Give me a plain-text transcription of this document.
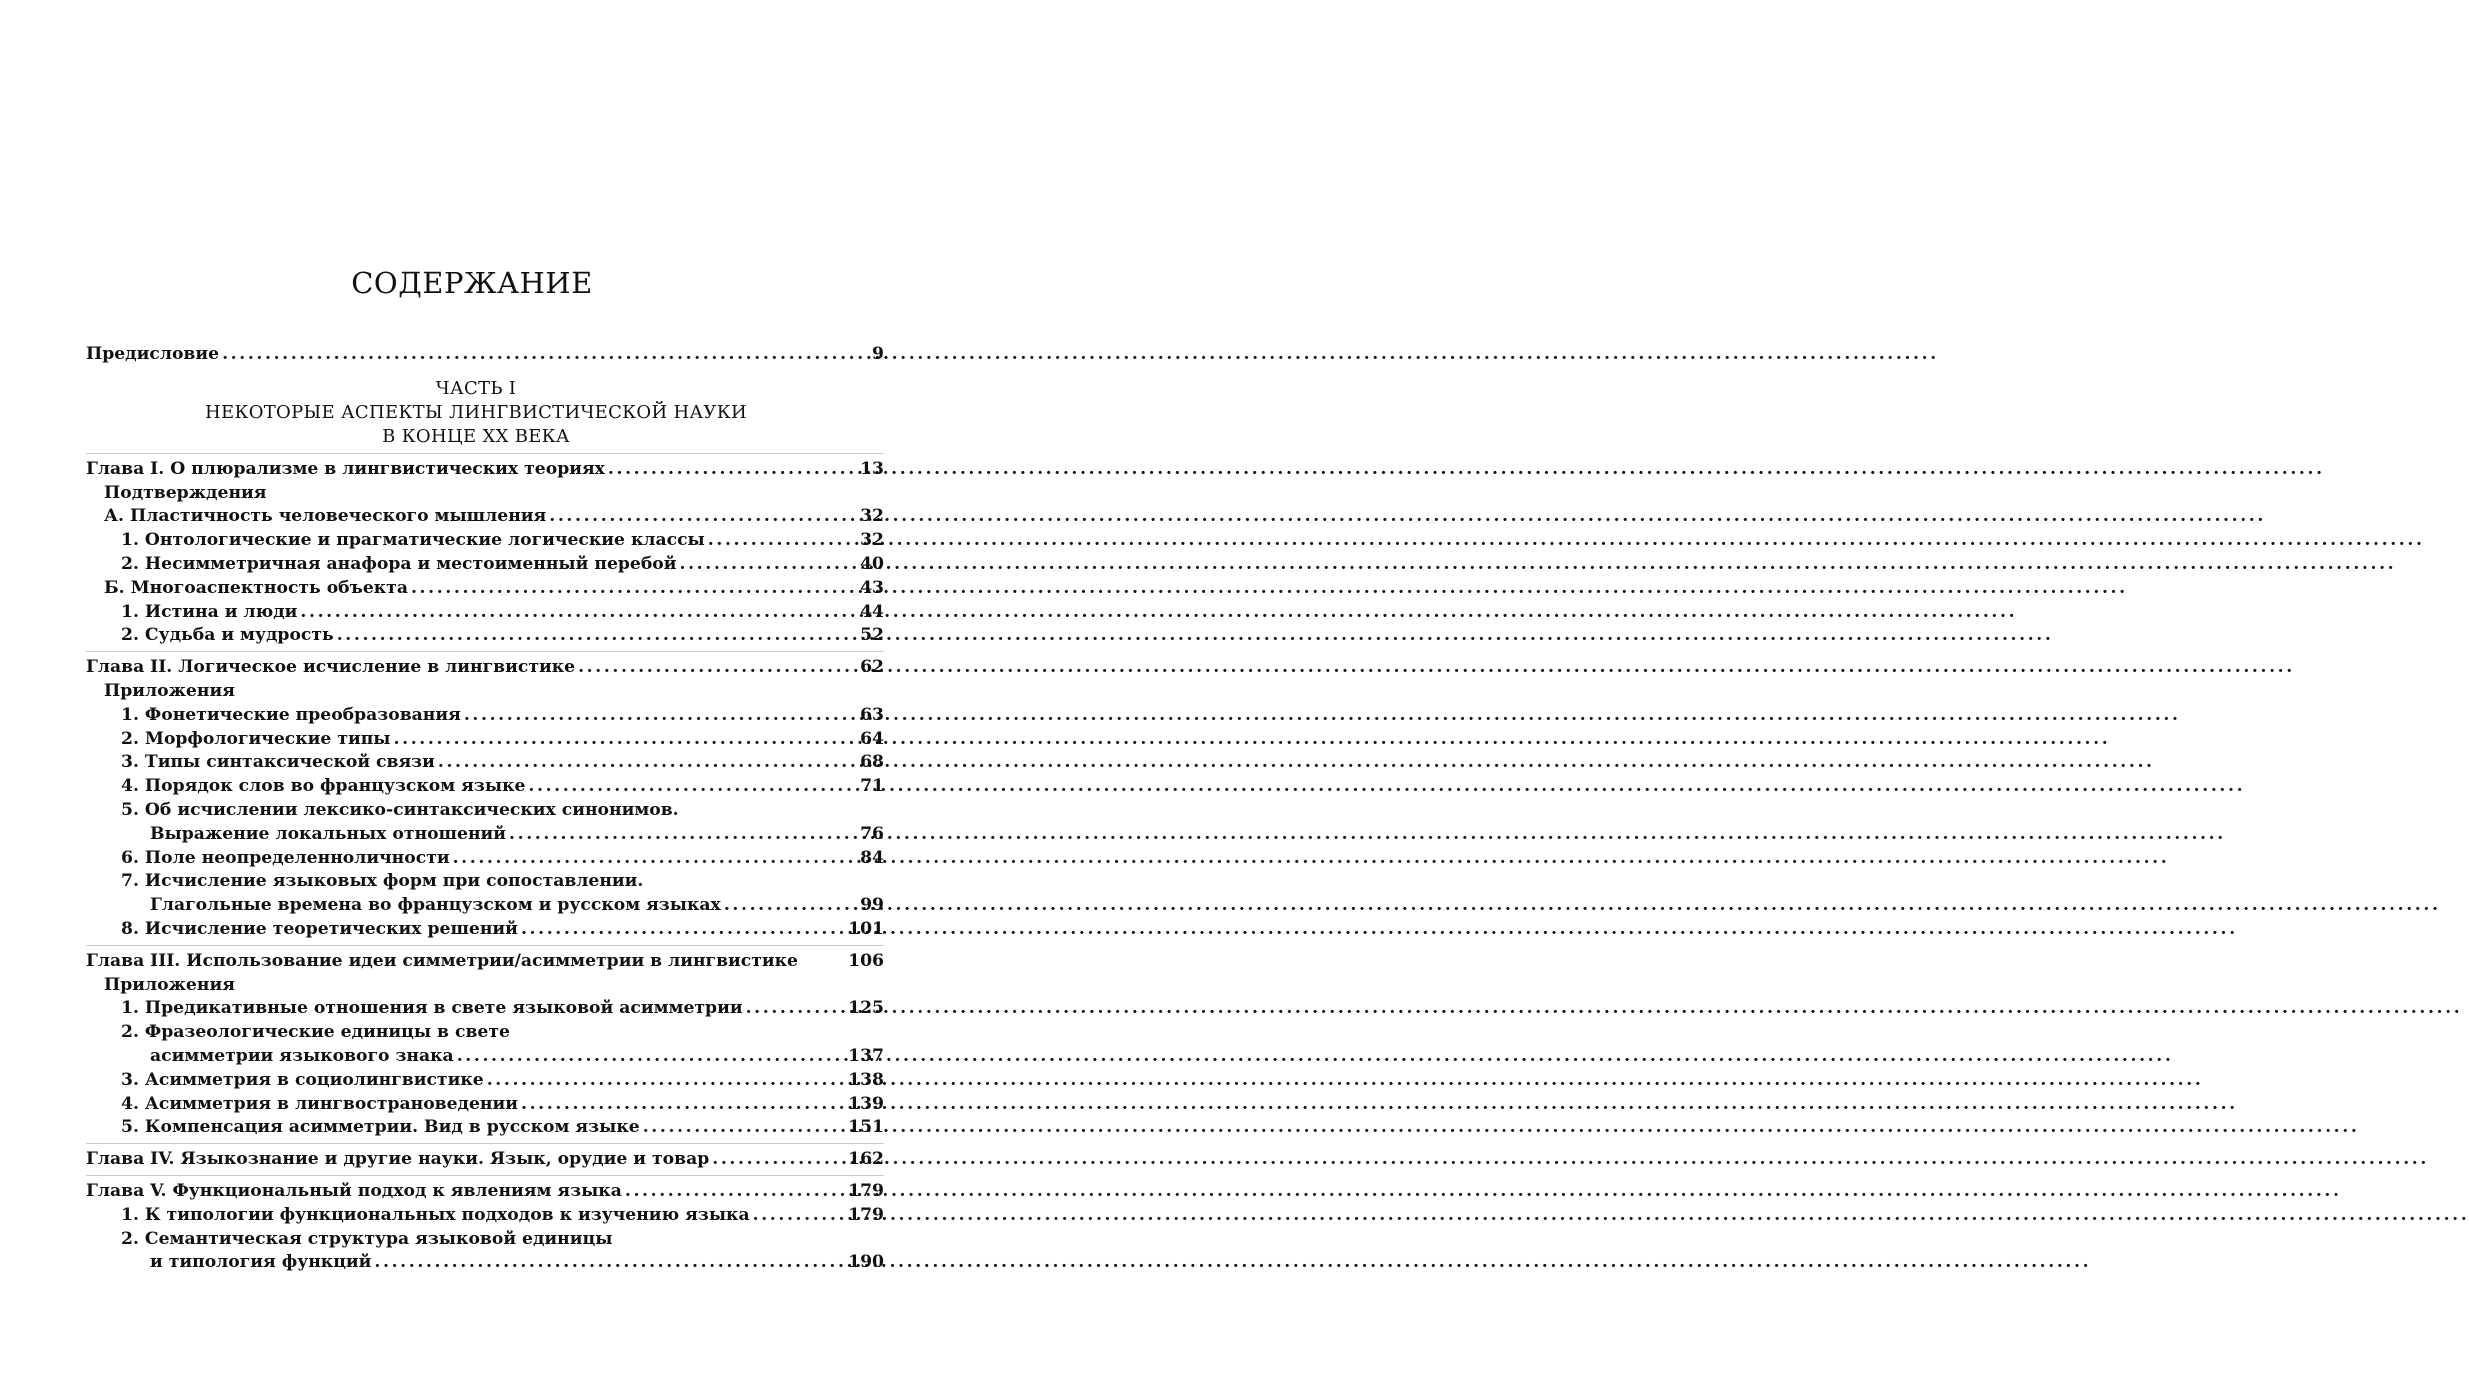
СОДЕРЖАНИЕ
Предисловие .....	9
ЧАСТЬ I
НЕКОТОРЫЕ АСПЕКТЫ ЛИНГВИСТИЧЕСКОЙ НАУКИ
В КОНЦЕ XX ВЕКА
Глава I. О плюрализме в лингвистических теориях .....	13
Подтверждения
А. Пластичность человеческого мышления .....	32
1. Онтологические и прагматические логические классы .....	32
2. Несимметричная анафора и местоименный перебой .....	40
Б. Многоаспектность объекта .....	43
1. Истина и люди .....	44
2. Судьба и мудрость .....	52
Глава II. Логическое исчисление в лингвистике .....	62
Приложения
1. Фонетические преобразования .....	63
2. Морфологические типы .....	64
3. Типы синтаксической связи .....	68
4. Порядок слов во французском языке .....	71
5. Об исчислении лексико-синтаксических синонимов.
Выражение локальных отношений .....	76
6. Поле неопределенноличности .....	84
7. Исчисление языковых форм при сопоставлении.
Глагольные времена во французском и русском языках .....	99
8. Исчисление теоретических решений .....	101
Глава III. Использование идеи симметрии/асимметрии в лингвистике	106
Приложения
1. Предикативные отношения в свете языковой асимметрии .....	125
2. Фразеологические единицы в свете
асимметрии языкового знака .....	137
3. Асимметрия в социолингвистике .....	138
4. Асимметрия в лингвострановедении .....	139
5. Компенсация асимметрии. Вид в русском языке .....	151
Глава IV. Языкознание и другие науки. Язык, орудие и товар .....	162
Глава V. Функциональный подход к явлениям языка .....	179
1. К типологии функциональных подходов к изучению языка .....	179
2. Семантическая структура языковой единицы
и типология функций .....	190
